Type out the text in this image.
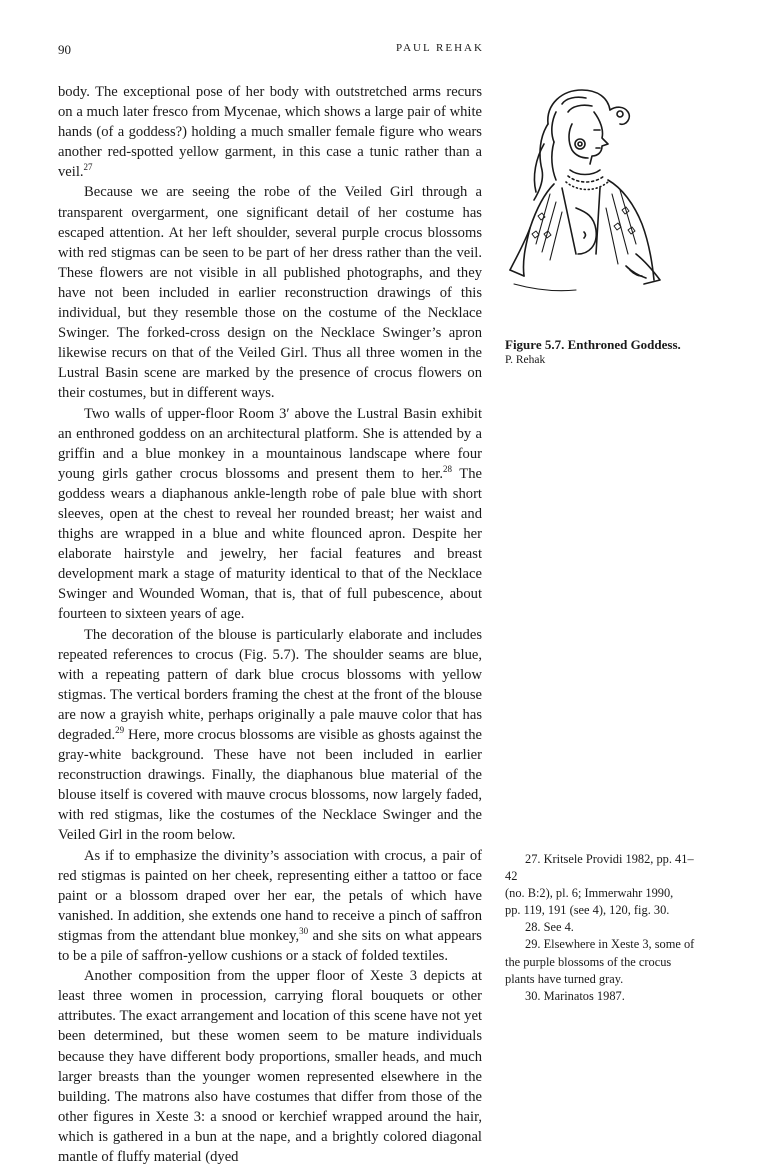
90	PAUL REHAK

body. The exceptional pose of her body with outstretched arms recurs on a much later fresco from Mycenae, which shows a large pair of white hands (of a goddess?) holding a much smaller female figure who wears another red-spotted yellow garment, in this case a tunic rather than a veil.$^{27}$

Because we are seeing the robe of the Veiled Girl through a transparent overgarment, one significant detail of her costume has escaped attention. At her left shoulder, several purple crocus blossoms with red stigmas can be seen to be part of her dress rather than the veil. These flowers are not visible in all published photographs, and they have not been included in earlier reconstruction drawings of this individual, but they resemble those on the costume of the Necklace Swinger. The forked-cross design on the Necklace Swinger’s apron likewise recurs on that of the Veiled Girl. Thus all three women in the Lustral Basin scene are marked by the presence of crocus flowers on their costumes, but in different ways.

Two walls of upper-floor Room 3′ above the Lustral Basin exhibit an enthroned goddess on an architectural platform. She is attended by a griffin and a blue monkey in a mountainous landscape where four young girls gather crocus blossoms and present them to her.$^{28}$ The goddess wears a diaphanous ankle-length robe of pale blue with short sleeves, open at the chest to reveal her rounded breast; her waist and thighs are wrapped in a blue and white flounced apron. Despite her elaborate hairstyle and jewelry, her facial features and breast development mark a stage of maturity identical to that of the Necklace Swinger and Wounded Woman, that is, that of full pubescence, about fourteen to sixteen years of age.

The decoration of the blouse is particularly elaborate and includes repeated references to crocus (Fig. 5.7). The shoulder seams are blue, with a repeating pattern of dark blue crocus blossoms with yellow stigmas. The vertical borders framing the chest at the front of the blouse are now a grayish white, perhaps originally a pale mauve color that has degraded.$^{29}$ Here, more crocus blossoms are visible as ghosts against the gray-white background. These have not been included in earlier reconstruction drawings. Finally, the diaphanous blue material of the blouse itself is covered with mauve crocus blossoms, now largely faded, with red stigmas, like the costumes of the Necklace Swinger and the Veiled Girl in the room below.

As if to emphasize the divinity’s association with crocus, a pair of red stigmas is painted on her cheek, representing either a tattoo or face paint or a blossom draped over her ear, the petals of which have vanished. In addition, she extends one hand to receive a pinch of saffron stigmas from the attendant blue monkey,$^{30}$ and she sits on what appears to be a pile of saffron-yellow cushions or a stack of folded textiles.

Another composition from the upper floor of Xeste 3 depicts at least three women in procession, carrying floral bouquets or other attributes. The exact arrangement and location of this scene have not yet been determined, but these women seem to be mature individuals because they have different body proportions, smaller heads, and much larger breasts than the younger women represented elsewhere in the building. The matrons also have costumes that differ from those of the other figures in Xeste 3: a snood or kerchief wrapped around the hair, which is gathered in a bun at the nape, and a brightly colored diagonal mantle of fluffy material (dyed

Figure 5.7. Enthroned Goddess.
P. Rehak

27. Kritsele Providi 1982, pp. 41–42
(no. B:2), pl. 6; Immerwahr 1990,
pp. 119, 191 (see 4), 120, fig. 30.

28. See 4.

29. Elsewhere in Xeste 3, some of
the purple blossoms of the crocus
plants have turned gray.

30. Marinatos 1987.
